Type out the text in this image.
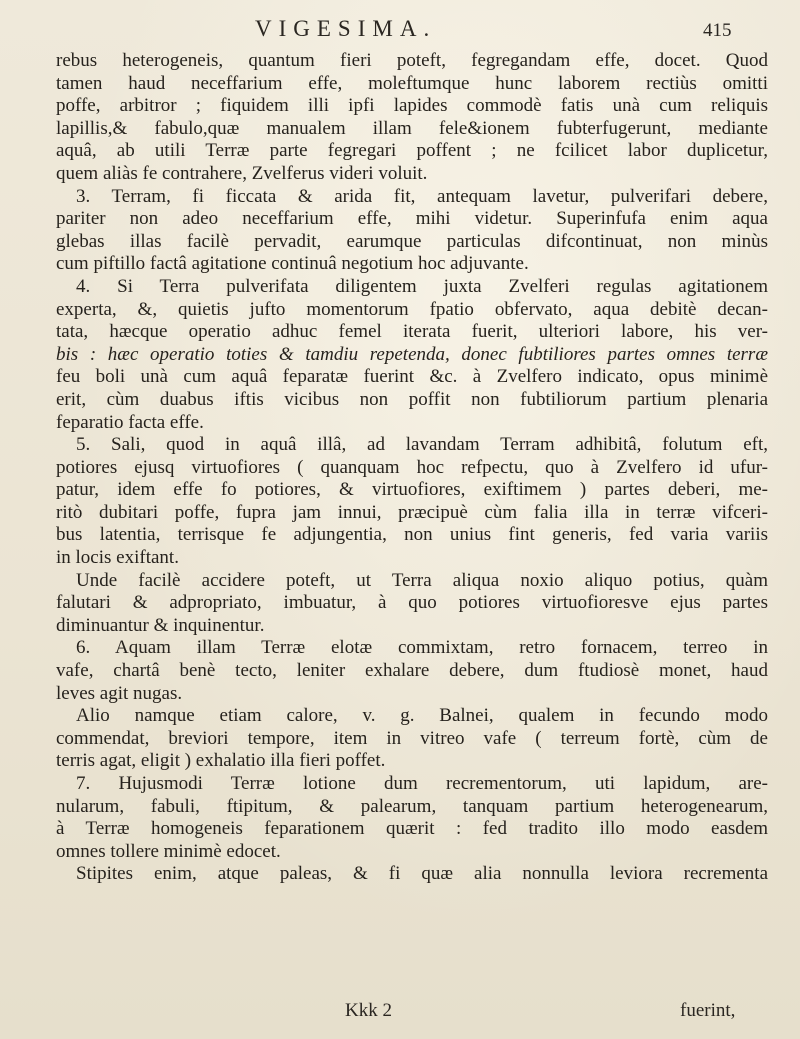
VIGESIMA.	415
rebus heterogeneis, quantum fieri poteft, fegregandam effe, docet. Quod
tamen haud neceffarium effe, moleftumque hunc laborem rectiùs omitti
poffe, arbitror ; fiquidem illi ipfi lapides commodè fatis unà cum reliquis
lapillis,& fabulo,quæ manualem illam fele&ionem fubterfugerunt, mediante
aquâ, ab utili Terræ parte fegregari poffent ; ne fcilicet labor duplicetur,
quem aliàs fe contrahere, Zvelferus videri voluit.
3. Terram, fi ficcata & arida fit, antequam lavetur, pulverifari debere,
pariter non adeo neceffarium effe, mihi videtur. Superinfufa enim aqua
glebas illas facilè pervadit, earumque particulas difcontinuat, non minùs
cum piftillo factâ agitatione continuâ negotium hoc adjuvante.
4. Si Terra pulverifata diligentem juxta Zvelferi regulas agitationem
experta, &, quietis jufto momentorum fpatio obfervato, aqua debitè decan-
tata, hæcque operatio adhuc femel iterata fuerit, ulteriori labore, his ver-
bis : hæc operatio toties & tamdiu repetenda, donec fubtiliores partes omnes terræ
feu boli unà cum aquâ feparatæ fuerint &c. à Zvelfero indicato, opus minimè
erit, cùm duabus iftis vicibus non poffit non fubtiliorum partium plenaria
feparatio facta effe.
5. Sali, quod in aquâ illâ, ad lavandam Terram adhibitâ, folutum eft,
potiores ejusq virtuofiores ( quanquam hoc refpectu, quo à Zvelfero id ufur-
patur, idem effe fo potiores, & virtuofiores, exiftimem ) partes deberi, me-
ritò dubitari poffe, fupra jam innui, præcipuè cùm falia illa in terræ vifceri-
bus latentia, terrisque fe adjungentia, non unius fint generis, fed varia variis
in locis exiftant.
Unde facilè accidere poteft, ut Terra aliqua noxio aliquo potius, quàm
falutari & adpropriato, imbuatur, à quo potiores virtuofioresve ejus partes
diminuantur & inquinentur.
6. Aquam illam Terræ elotæ commixtam, retro fornacem, terreo in
vafe, chartâ benè tecto, leniter exhalare debere, dum ftudiosè monet, haud
leves agit nugas.
Alio namque etiam calore, v. g. Balnei, qualem in fecundo modo
commendat, breviori tempore, item in vitreo vafe ( terreum fortè, cùm de
terris agat, eligit ) exhalatio illa fieri poffet.
7. Hujusmodi Terræ lotione dum recrementorum, uti lapidum, are-
nularum, fabuli, ftipitum, & palearum, tanquam partium heterogenearum,
à Terræ homogeneis feparationem quærit : fed tradito illo modo easdem
omnes tollere minimè edocet.
Stipites enim, atque paleas, & fi quæ alia nonnulla leviora recrementa
Kkk 2	fuerint,
